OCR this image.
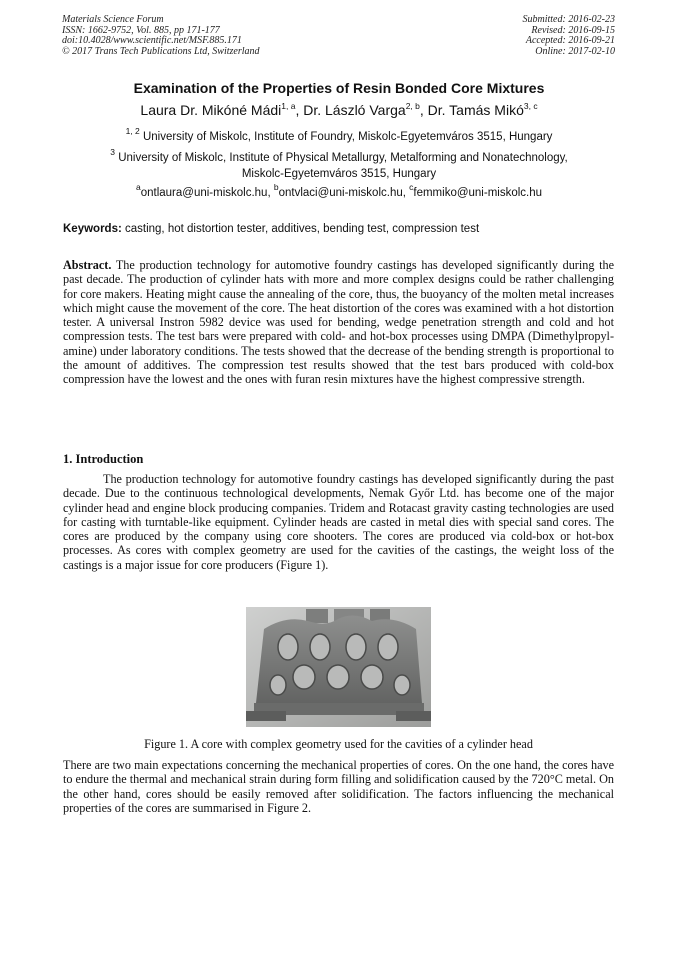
Materials Science Forum
ISSN: 1662-9752, Vol. 885, pp 171-177
doi:10.4028/www.scientific.net/MSF.885.171
© 2017 Trans Tech Publications Ltd, Switzerland
Submitted: 2016-02-23
Revised: 2016-09-15
Accepted: 2016-09-21
Online: 2017-02-10
Examination of the Properties of Resin Bonded Core Mixtures
Laura Dr. Mikóné Mádi$^{1, a}$, Dr. László Varga$^{2, b}$, Dr. Tamás Mikó$^{3, c}$
$^{1, 2}$ University of Miskolc, Institute of Foundry, Miskolc-Egyetemváros 3515, Hungary
$^3$ University of Miskolc, Institute of Physical Metallurgy, Metalforming and Nonatechnology,
Miskolc-Egyetemváros 3515, Hungary
$^a$ontlaura@uni-miskolc.hu, $^b$ontvlaci@uni-miskolc.hu, $^c$femmiko@uni-miskolc.hu
Keywords: casting, hot distortion tester, additives, bending test, compression test
Abstract. The production technology for automotive foundry castings has developed significantly during the past decade. The production of cylinder hats with more and more complex designs could be rather challenging for core makers. Heating might cause the annealing of the core, thus, the buoyancy of the molten metal increases which might cause the movement of the core. The heat distortion of the cores was examined with a hot distortion tester. A universal Instron 5982 device was used for bending, wedge penetration strength and cold and hot compression tests. The test bars were prepared with cold- and hot-box processes using DMPA (Dimethylpropyl-amine) under laboratory conditions. The tests showed that the decrease of the bending strength is proportional to the amount of additives. The compression test results showed that the test bars produced with cold-box compression have the lowest and the ones with furan resin mixtures have the highest compressive strength.
1. Introduction
The production technology for automotive foundry castings has developed significantly during the past decade. Due to the continuous technological developments, Nemak Győr Ltd. has become one of the major cylinder head and engine block producing companies. Tridem and Rotacast gravity casting technologies are used for casting with turntable-like equipment. Cylinder heads are casted in metal dies with special sand cores. The cores are produced by the company using core shooters. The cores are produced via cold-box or hot-box processes. As cores with complex geometry are used for the cavities of the castings, the weight loss of the castings is a major issue for core producers (Figure 1).
Figure 1. A core with complex geometry used for the cavities of a cylinder head
There are two main expectations concerning the mechanical properties of cores. On the one hand, the cores have to endure the thermal and mechanical strain during form filling and solidification caused by the 720°C metal. On the other hand, cores should be easily removed after solidification. The factors influencing the mechanical properties of the cores are summarised in Figure 2.
